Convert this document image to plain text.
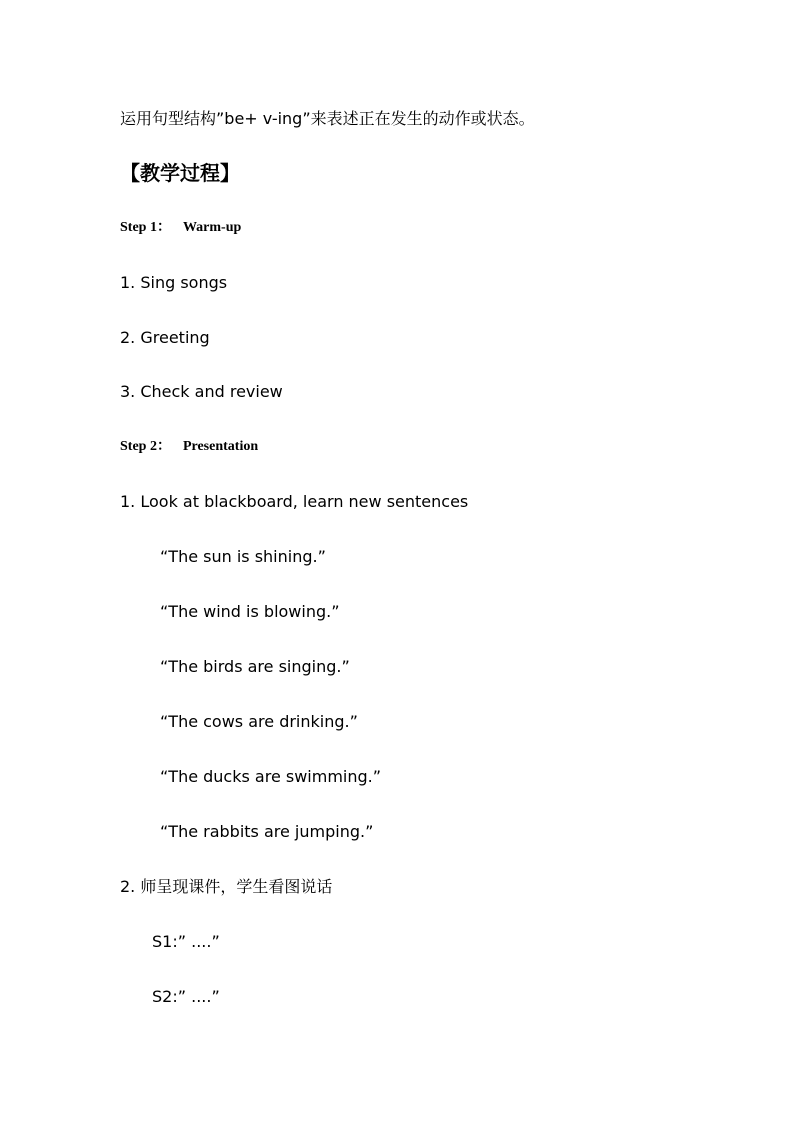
运用句型结构”be+ v-ing”来表述正在发生的动作或状态。
【教学过程】
Step 1： Warm-up
1. Sing songs
2. Greeting
3. Check and review
Step 2： Presentation
1. Look at blackboard, learn new sentences
“The sun is shining.”
“The wind is blowing.”
“The birds are singing.”
“The cows are drinking.”
“The ducks are swimming.”
“The rabbits are jumping.”
2. 师呈现课件，学生看图说话
S1:” ....”
S2:” ....”
